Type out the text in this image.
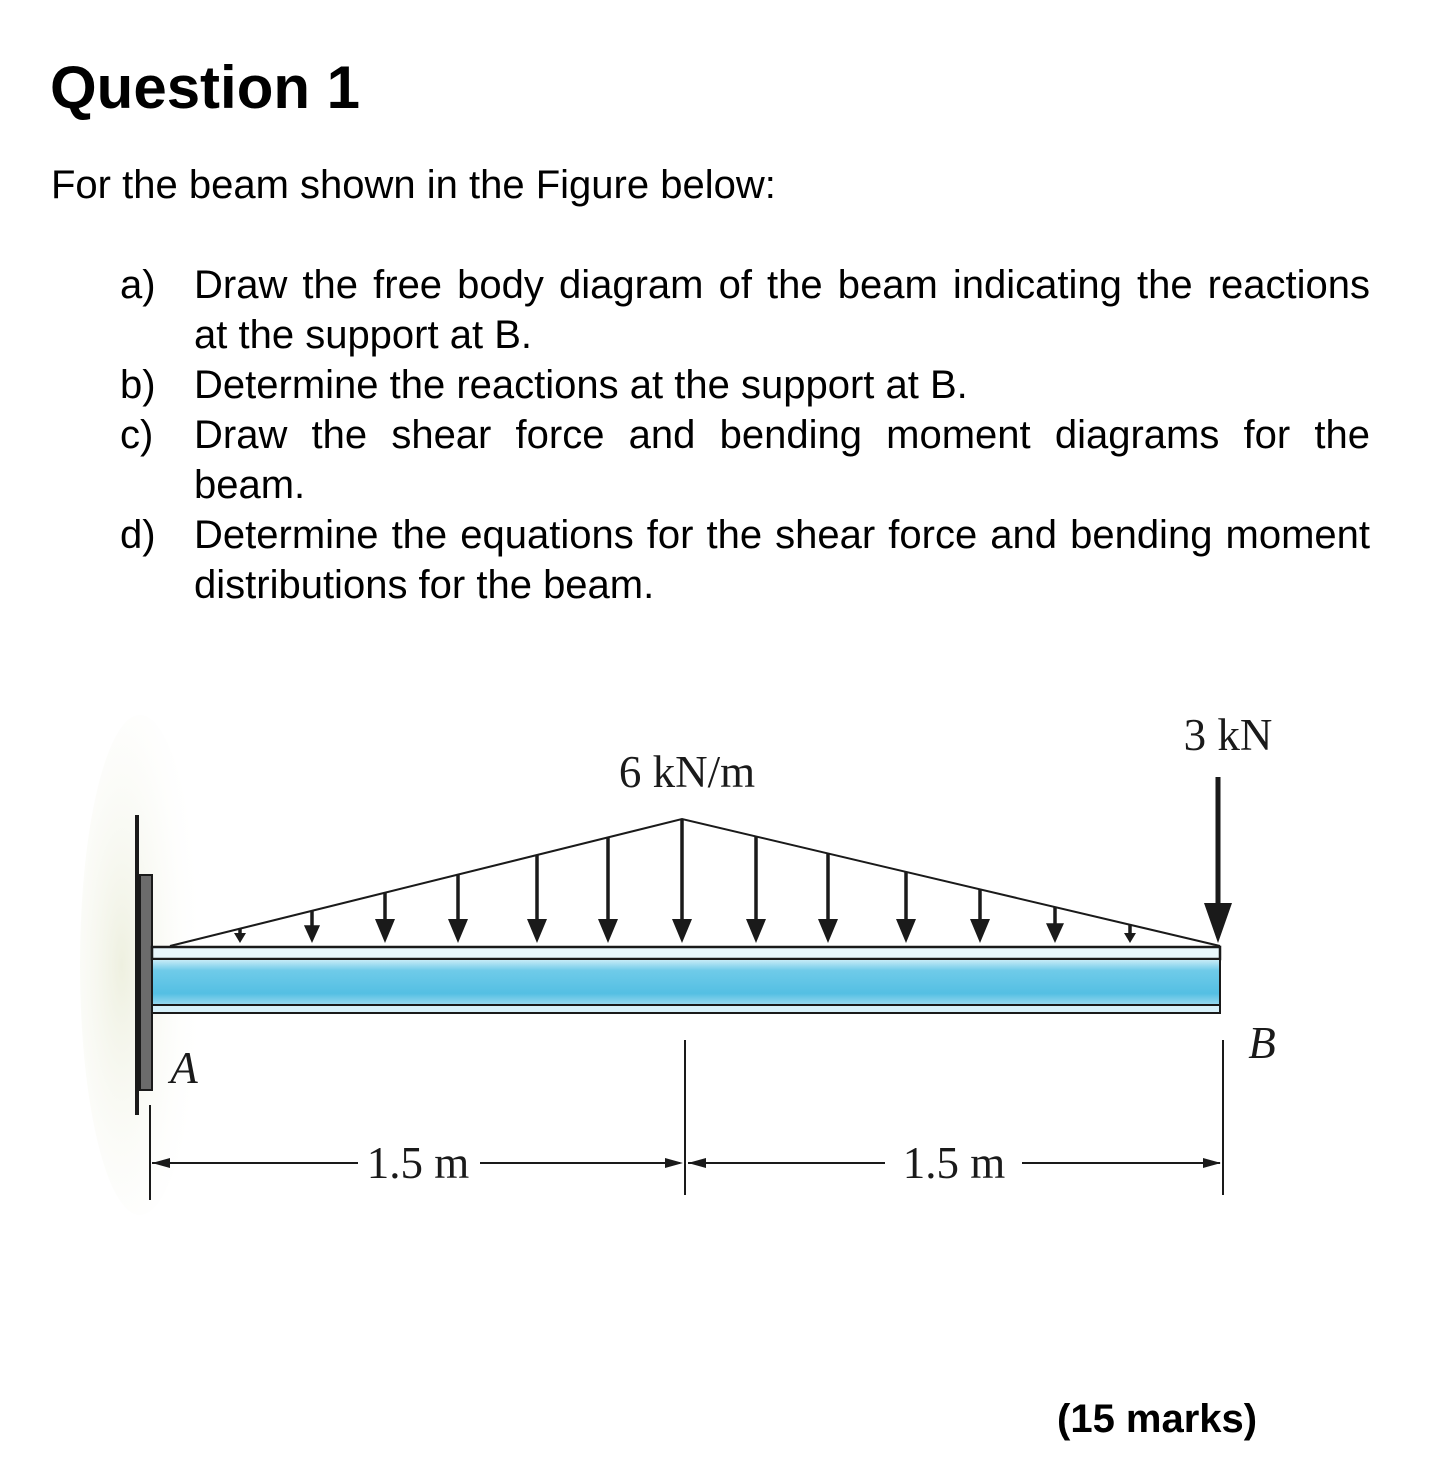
Question 1

For the beam shown in the Figure below:

a) Draw the free body diagram of the beam indicating the reactions at the support at B.
b) Determine the reactions at the support at B.
c)	Draw the shear force and bending moment diagrams for the beam.
d) Determine the equations for the shear force and bending moment distributions for the beam.
6 kN/m
3 kN
A	B
1.5 m	1.5 m

(15 marks)
